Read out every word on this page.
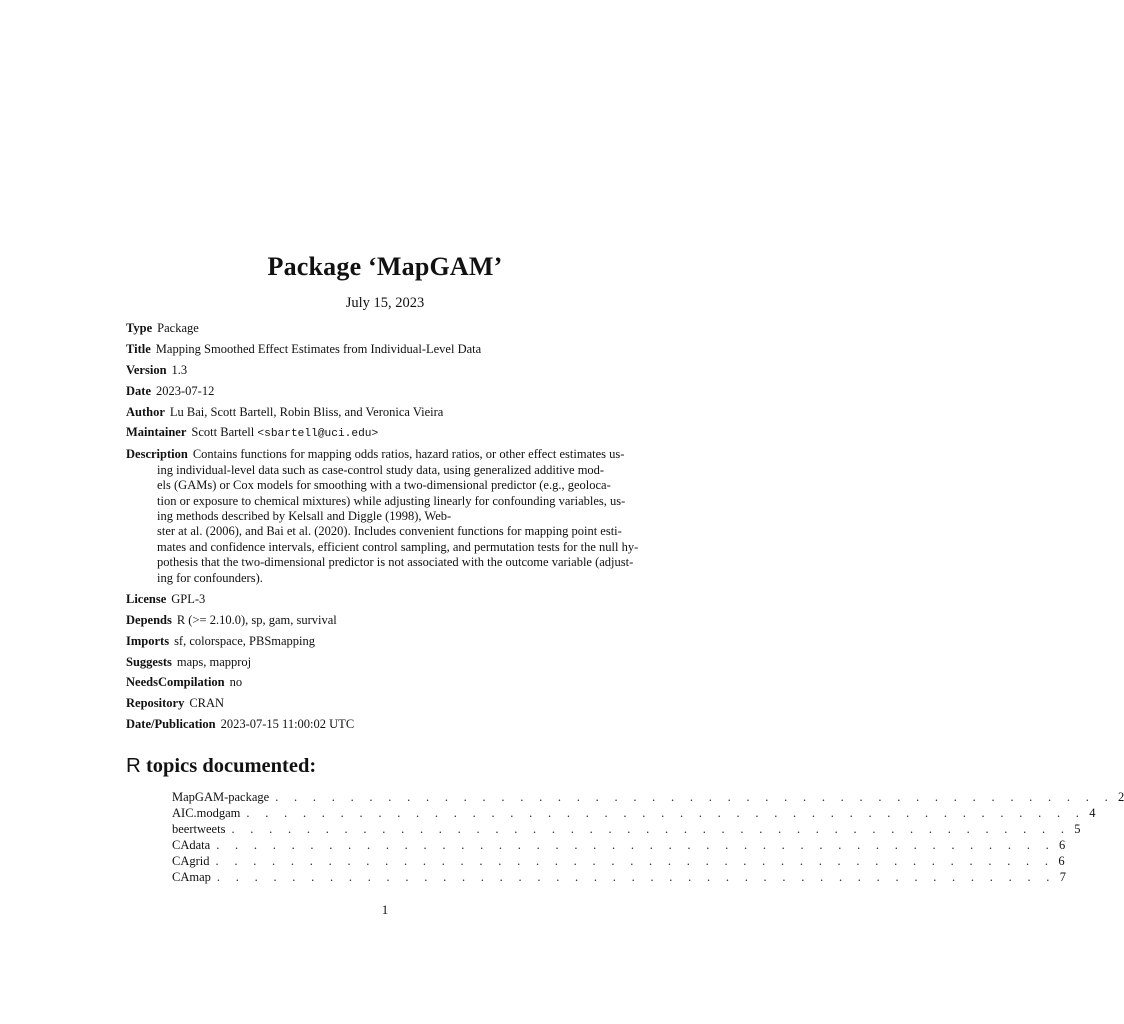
Package ‘MapGAM’
July 15, 2023
Type Package
Title Mapping Smoothed Effect Estimates from Individual-Level Data
Version 1.3
Date 2023-07-12
Author Lu Bai, Scott Bartell, Robin Bliss, and Veronica Vieira
Maintainer Scott Bartell <sbartell@uci.edu>
Description Contains functions for mapping odds ratios, hazard ratios, or other effect estimates us-
ing individual-level data such as case-control study data, using generalized additive mod-
els (GAMs) or Cox models for smoothing with a two-dimensional predictor (e.g., geoloca-
tion or exposure to chemical mixtures) while adjusting linearly for confounding variables, us-
ing methods described by Kelsall and Diggle (1998), Web-
ster at al. (2006), and Bai et al. (2020). Includes convenient functions for mapping point esti-
mates and confidence intervals, efficient control sampling, and permutation tests for the null hy-
pothesis that the two-dimensional predictor is not associated with the outcome variable (adjust-
ing for confounders).
License GPL-3
Depends R (>= 2.10.0), sp, gam, survival
Imports sf, colorspace, PBSmapping
Suggests maps, mapproj
NeedsCompilation no
Repository CRAN
Date/Publication 2023-07-15 11:00:02 UTC
R topics documented:
MapGAM-package . . . . . . . . . . . . . . . . . . . . . . . . . . . . . . . . . . . . . . . . . . . . . 2
AIC.modgam . . . . . . . . . . . . . . . . . . . . . . . . . . . . . . . . . . . . . . . . . . . . . 4
beertweets . . . . . . . . . . . . . . . . . . . . . . . . . . . . . . . . . . . . . . . . . . . . . 5
CAdata . . . . . . . . . . . . . . . . . . . . . . . . . . . . . . . . . . . . . . . . . . . . . 6
CAgrid . . . . . . . . . . . . . . . . . . . . . . . . . . . . . . . . . . . . . . . . . . . . . 6
CAmap . . . . . . . . . . . . . . . . . . . . . . . . . . . . . . . . . . . . . . . . . . . . . 7
1
